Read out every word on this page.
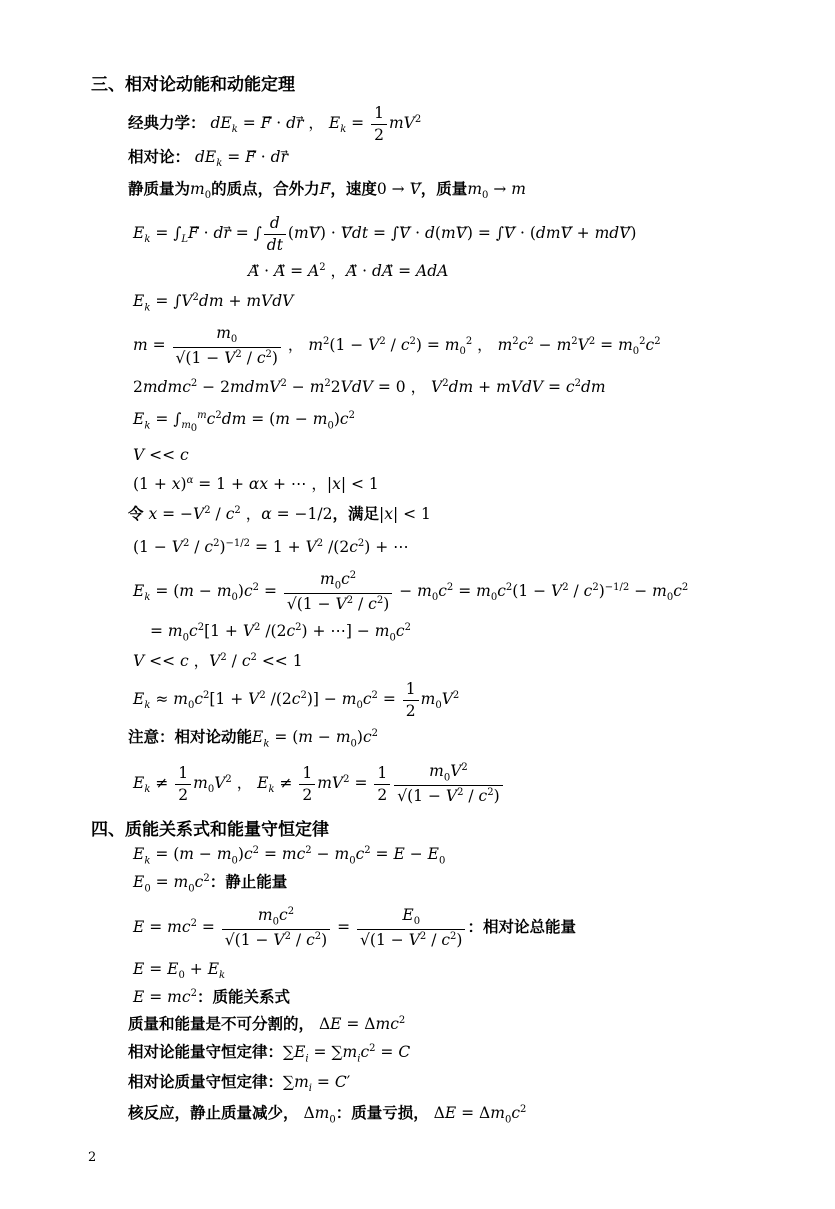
三、相对论动能和动能定理
经典力学： $dE_k$ = F⃗ · dr⃗ ， $E_k = \frac{1}{2} mV^2$
相对论： $dE_k$ = F⃗ · dr
静质量为$m_0$的质点，合外力F，速度0 → V，质量$m_0 \to m$
$E_k$ = $\int_LF⃗$ · dr⃗ = ∫ $\frac{d}{dt}$ (mV⃗) · Vdt = ∫V⃗ · d(mV⃗) = ∫V⃗ · (dmV⃗ + mdV⃗)
A⃗ · A⃗ = $A^2$ ，A⃗ · dA⃗ = AdA
$E_k = \int V^2dm$ + mVdV
$m = \frac{m_0}{√(1 - V^2 / c^2)}$ ， $m^2(1 - V^2 / c^2) = m_0^2$ ， $m^2c^2 - m^2V^2 = m_0^2c^2$
2mdmc$^2$ − 2mdmV$^2$ − $m^22VdV = 0$ ， $V^2dm$ + mVdV = $c^2dm$
$E_k = \int_{m_0}^mc^2dm = (m - m_0)c^2$
V << c
$(1 + x)^\alpha = 1 + \alpha x$ + ⋯ ，|x| < 1
令 $x = -V^2 / c^2$ ，α = −1/2，满足|x| < 1
$(1 - V^2 / c^2)^{-1/2} = 1 + V^2$ $/(2c^2)$ + ⋯
$E_k = (m - m_0)c^2 = \frac{m_0c^2}{√(1 - V^2 / c^2)} - m_0c^2 = m_0c^2(1 - V^2 / c^2)^{-1/2} - m_0c^2$
= $m_0c^2[1 + V^2$ $/(2c^2)$ + ⋯] − $m_0c^2$
V << c ，$V^2 / c^2 << 1$
$E_k \approx m_0c^2[1 + V^2$ $/(2c^2)] - m_0c^2 = \frac{1}{2} m_0V^2$
注意：相对论动能$E_k = (m - m_0)c^2$
$E_k \ne \frac{1}{2} m_0V^2$ ， $E_k \ne \frac{1}{2} mV^2 = \frac{1}{2} \frac{m_0V^2}{√(1 - V^2 / c^2)}$
四、质能关系式和能量守恒定律
$E_k = (m - m_0)c^2 = mc^2 - m_0c^2 = E - E_0$
$E_0 = m_0c^2$：静止能量
$E = mc^2 = \frac{m_0c^2}{√(1 - V^2 / c^2)} = \frac{E_0}{√(1 - V^2 / c^2)}$ ：相对论总能量
$E = E_0 + E_k$
$E = mc^2$：质能关系式
质量和能量是不可分割的， ΔE = Δmc$^2$
相对论能量守恒定律：$\sum E_i = \sum m_ic^2 = C$
相对论质量守恒定律：$\sum m_i = C'$
核反应，静止质量减少， $\Delta m_0$：质量亏损， $\Delta E = \Delta m_0c^2$
2
